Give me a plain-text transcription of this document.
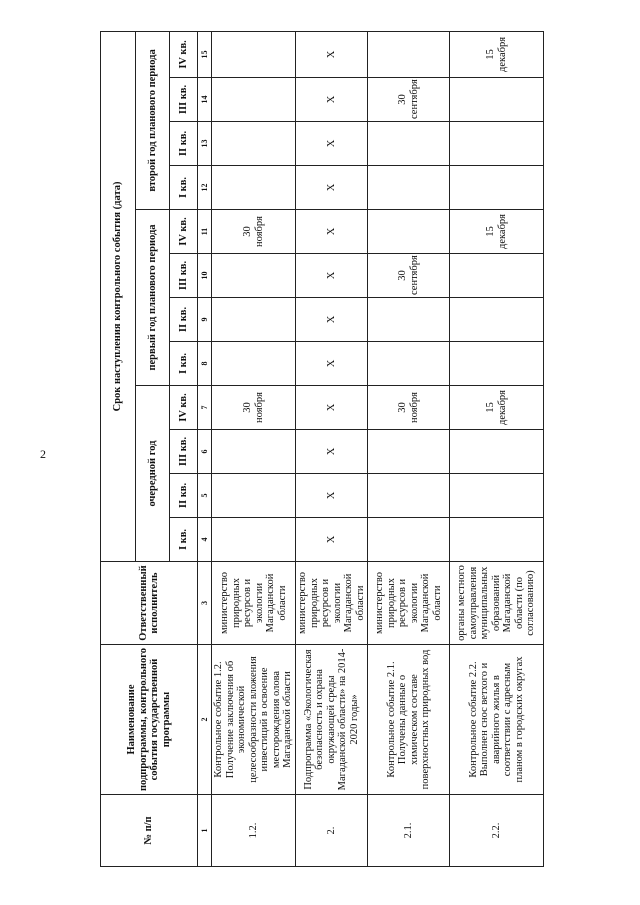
2
№ п/п	Наименование подпрограммы, контрольного события государственной программы	Ответственный исполнитель	Срок наступления контрольного события (дата)											
			очередной год				первый год планового периода				второй год планового периода			
			I кв.	II кв.	III кв.	IV кв.	I кв.	II кв.	III кв.	IV кв.	I кв.	II кв.	III кв.	IV кв.

1	2	3	4	5	6	7	8	9	10	11	12	13	14	15
1.2.	Контрольное событие 1.2. Получение заключения об экономической целесообразности вложения инвестиций в освоение месторождения олова Магаданской области	министерство природных ресурсов и экологии Магаданской области				30 ноября				30 ноября				
2.	Подпрограмма «Экологическая безопасность и охрана окружающей среды Магаданской области» на 2014-2020 годы»	министерство природных ресурсов и экологии Магаданской области	Х	Х	Х	Х	Х	Х	Х	Х	Х	Х	Х	Х
2.1.	Контрольное событие 2.1. Получены данные о химическом составе поверхностных природных вод	министерство природных ресурсов и экологии Магаданской области				30 ноября			30 сентября				30 сентября	
2.2.	Контрольное событие 2.2. Выполнен снос ветхого и аварийного жилья в соответствии с адресным планом в городских округах	органы местного самоуправления муниципальных образований Магаданской области (по согласованию)				15 декабря				15 декабря				15 декабря
